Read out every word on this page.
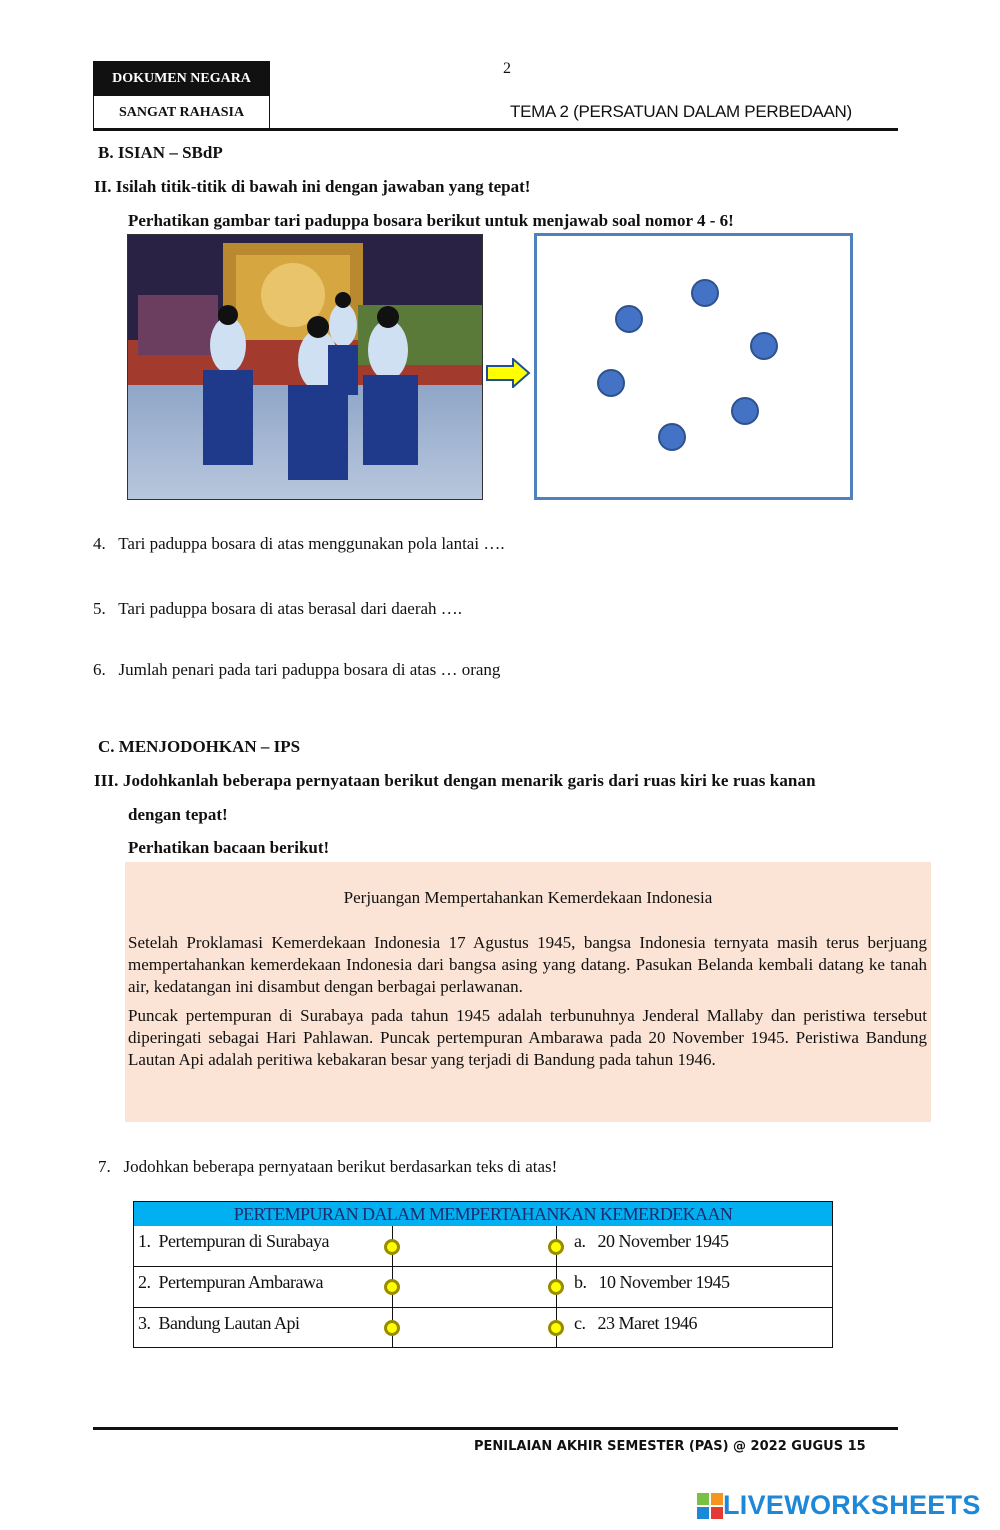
DOKUMEN NEGARA
SANGAT RAHASIA
2
TEMA 2 (PERSATUAN DALAM PERBEDAAN)
B. ISIAN – SBdP
II. Isilah titik-titik di bawah ini dengan jawaban yang tepat!
Perhatikan gambar tari paduppa bosara berikut untuk menjawab soal nomor 4 - 6!
4. Tari paduppa bosara di atas menggunakan pola lantai ….
5. Tari paduppa bosara di atas berasal dari daerah ….
6. Jumlah penari pada tari paduppa bosara di atas … orang
C. MENJODOHKAN – IPS
III. Jodohkanlah beberapa pernyataan berikut dengan menarik garis dari ruas kiri ke ruas kanan
dengan tepat!
Perhatikan bacaan berikut!
Perjuangan Mempertahankan Kemerdekaan Indonesia
Setelah Proklamasi Kemerdekaan Indonesia 17 Agustus 1945, bangsa Indonesia ternyata masih terus berjuang mempertahankan kemerdekaan Indonesia dari bangsa asing yang datang. Pasukan Belanda kembali datang ke tanah air, kedatangan ini disambut dengan berbagai perlawanan.
Puncak pertempuran di Surabaya pada tahun 1945 adalah terbunuhnya Jenderal Mallaby dan peristiwa tersebut diperingati sebagai Hari Pahlawan. Puncak pertempuran Ambarawa pada 20 November 1945. Peristiwa Bandung Lautan Api adalah peritiwa kebakaran besar yang terjadi di Bandung pada tahun 1946.
7. Jodohkan beberapa pernyataan berikut berdasarkan teks di atas!
PERTEMPURAN DALAM MEMPERTAHANKAN KEMERDEKAAN
1. Pertempuran di Surabaya	a. 20 November 1945
2. Pertempuran Ambarawa	b. 10 November 1945
3. Bandung Lautan Api	c. 23 Maret 1946
PENILAIAN AKHIR SEMESTER (PAS) @ 2022 GUGUS 15
LIVEWORKSHEETS
